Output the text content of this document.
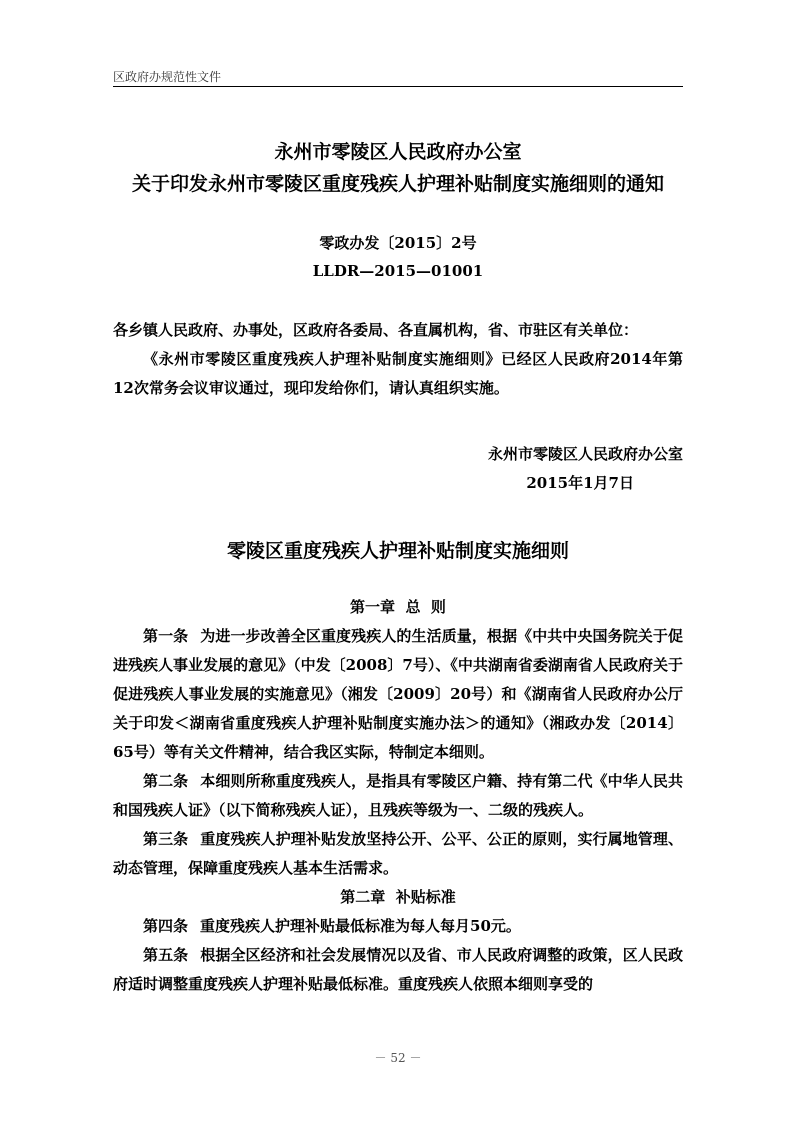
区政府办规范性文件
永州市零陵区人民政府办公室
关于印发永州市零陵区重度残疾人护理补贴制度实施细则的通知
零政办发〔2015〕2号
LLDR—2015—01001
各乡镇人民政府、办事处，区政府各委局、各直属机构，省、市驻区有关单位：
《永州市零陵区重度残疾人护理补贴制度实施细则》已经区人民政府2014年第12次常务会议审议通过，现印发给你们，请认真组织实施。
永州市零陵区人民政府办公室
2015年1月7日
零陵区重度残疾人护理补贴制度实施细则
第一章  总  则
第一条 为进一步改善全区重度残疾人的生活质量，根据《中共中央国务院关于促进残疾人事业发展的意见》（中发〔2008〕7号）、《中共湖南省委湖南省人民政府关于促进残疾人事业发展的实施意见》（湘发〔2009〕20号）和《湖南省人民政府办公厅关于印发＜湖南省重度残疾人护理补贴制度实施办法＞的通知》（湘政办发〔2014〕65号）等有关文件精神，结合我区实际，特制定本细则。
第二条 本细则所称重度残疾人，是指具有零陵区户籍、持有第二代《中华人民共和国残疾人证》（以下简称残疾人证），且残疾等级为一、二级的残疾人。
第三条 重度残疾人护理补贴发放坚持公开、公平、公正的原则，实行属地管理、动态管理，保障重度残疾人基本生活需求。
第二章  补贴标准
第四条 重度残疾人护理补贴最低标准为每人每月50元。
第五条 根据全区经济和社会发展情况以及省、市人民政府调整的政策，区人民政府适时调整重度残疾人护理补贴最低标准。重度残疾人依照本细则享受的
－ 52 －
